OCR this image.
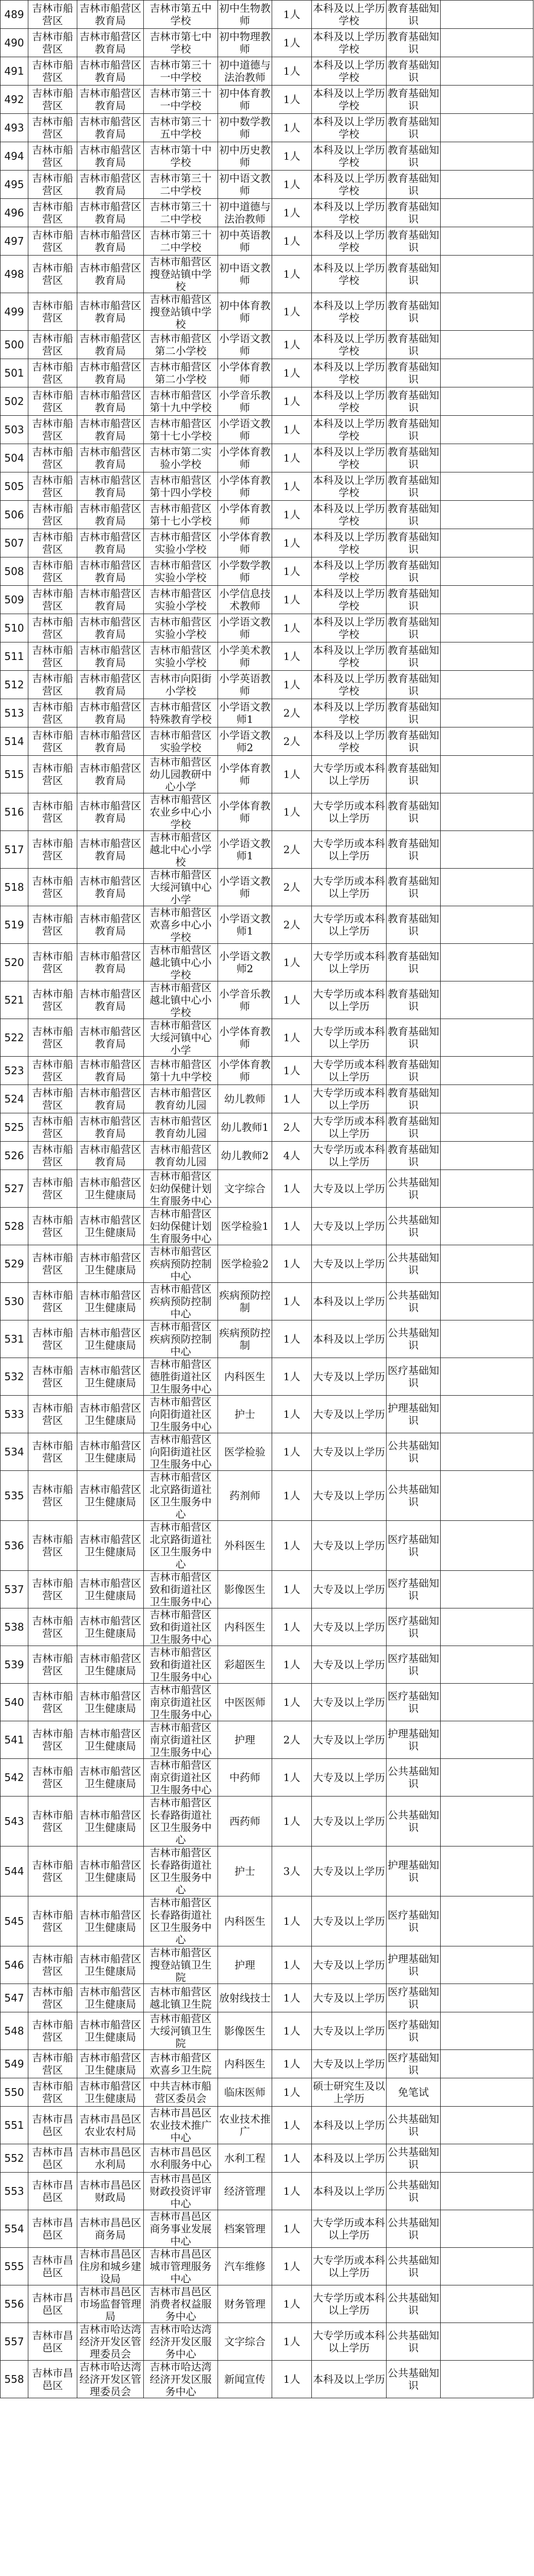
489	吉林市船营区	吉林市船营区教育局	吉林市第五中学校	初中生物教师	1人	本科及以上学历学校	教育基础知识	
490	吉林市船营区	吉林市船营区教育局	吉林市第七中学校	初中物理教师	1人	本科及以上学历学校	教育基础知识	
491	吉林市船营区	吉林市船营区教育局	吉林市第三十一中学校	初中道德与法治教师	1人	本科及以上学历学校	教育基础知识	
492	吉林市船营区	吉林市船营区教育局	吉林市第三十一中学校	初中体育教师	1人	本科及以上学历学校	教育基础知识	
493	吉林市船营区	吉林市船营区教育局	吉林市第三十五中学校	初中数学教师	1人	本科及以上学历学校	教育基础知识	
494	吉林市船营区	吉林市船营区教育局	吉林市第十中学校	初中历史教师	1人	本科及以上学历学校	教育基础知识	
495	吉林市船营区	吉林市船营区教育局	吉林市第三十二中学校	初中语文教师	1人	本科及以上学历学校	教育基础知识	
496	吉林市船营区	吉林市船营区教育局	吉林市第三十二中学校	初中道德与法治教师	1人	本科及以上学历学校	教育基础知识	
497	吉林市船营区	吉林市船营区教育局	吉林市第三十二中学校	初中英语教师	1人	本科及以上学历学校	教育基础知识	
498	吉林市船营区	吉林市船营区教育局	吉林市船营区搜登站镇中学校	初中语文教师	1人	本科及以上学历学校	教育基础知识	
499	吉林市船营区	吉林市船营区教育局	吉林市船营区搜登站镇中学校	初中体育教师	1人	本科及以上学历学校	教育基础知识	
500	吉林市船营区	吉林市船营区教育局	吉林市船营区第二小学校	小学语文教师	1人	本科及以上学历学校	教育基础知识	
501	吉林市船营区	吉林市船营区教育局	吉林市船营区第二小学校	小学体育教师	1人	本科及以上学历学校	教育基础知识	
502	吉林市船营区	吉林市船营区教育局	吉林市船营区第十九中学校	小学音乐教师	1人	本科及以上学历学校	教育基础知识	
503	吉林市船营区	吉林市船营区教育局	吉林市船营区第十七小学校	小学语文教师	1人	本科及以上学历学校	教育基础知识	
504	吉林市船营区	吉林市船营区教育局	吉林市第二实验小学校	小学体育教师	1人	本科及以上学历学校	教育基础知识	
505	吉林市船营区	吉林市船营区教育局	吉林市船营区第十四小学校	小学体育教师	1人	本科及以上学历学校	教育基础知识	
506	吉林市船营区	吉林市船营区教育局	吉林市船营区第十七小学校	小学体育教师	1人	本科及以上学历学校	教育基础知识	
507	吉林市船营区	吉林市船营区教育局	吉林市船营区实验小学校	小学体育教师	1人	本科及以上学历学校	教育基础知识	
508	吉林市船营区	吉林市船营区教育局	吉林市船营区实验小学校	小学数学教师	1人	本科及以上学历学校	教育基础知识	
509	吉林市船营区	吉林市船营区教育局	吉林市船营区实验小学校	小学信息技术教师	1人	本科及以上学历学校	教育基础知识	
510	吉林市船营区	吉林市船营区教育局	吉林市船营区实验小学校	小学语文教师	1人	本科及以上学历学校	教育基础知识	
511	吉林市船营区	吉林市船营区教育局	吉林市船营区实验小学校	小学美术教师	1人	本科及以上学历学校	教育基础知识	
512	吉林市船营区	吉林市船营区教育局	吉林市向阳街小学校	小学英语教师	1人	本科及以上学历学校	教育基础知识	
513	吉林市船营区	吉林市船营区教育局	吉林市船营区特殊教育学校	小学语文教师1	2人	本科及以上学历学校	教育基础知识	
514	吉林市船营区	吉林市船营区教育局	吉林市船营区实验学校	小学语文教师2	2人	本科及以上学历学校	教育基础知识	
515	吉林市船营区	吉林市船营区教育局	吉林市船营区幼儿园教研中心小学	小学体育教师	1人	大专学历或本科以上学历	教育基础知识	
516	吉林市船营区	吉林市船营区教育局	吉林市船营区农业乡中心小学校	小学体育教师	1人	大专学历或本科以上学历	教育基础知识	
517	吉林市船营区	吉林市船营区教育局	吉林市船营区越北中心小学校	小学语文教师1	2人	大专学历或本科以上学历	教育基础知识	
518	吉林市船营区	吉林市船营区教育局	吉林市船营区大绥河镇中心小学	小学语文教师	2人	大专学历或本科以上学历	教育基础知识	
519	吉林市船营区	吉林市船营区教育局	吉林市船营区欢喜乡中心小学校	小学语文教师1	2人	大专学历或本科以上学历	教育基础知识	
520	吉林市船营区	吉林市船营区教育局	吉林市船营区越北镇中心小学校	小学语文教师2	1人	大专学历或本科以上学历	教育基础知识	
521	吉林市船营区	吉林市船营区教育局	吉林市船营区越北镇中心小学校	小学音乐教师	1人	大专学历或本科以上学历	教育基础知识	
522	吉林市船营区	吉林市船营区教育局	吉林市船营区大绥河镇中心小学	小学体育教师	1人	大专学历或本科以上学历	教育基础知识	
523	吉林市船营区	吉林市船营区教育局	吉林市船营区第十九中学校	小学体育教师	1人	大专学历或本科以上学历	教育基础知识	
524	吉林市船营区	吉林市船营区教育局	吉林市船营区教育幼儿园	幼儿教师	1人	大专学历或本科以上学历	教育基础知识	
525	吉林市船营区	吉林市船营区教育局	吉林市船营区教育幼儿园	幼儿教师1	2人	大专学历或本科以上学历	教育基础知识	
526	吉林市船营区	吉林市船营区教育局	吉林市船营区教育幼儿园	幼儿教师2	4人	大专学历或本科以上学历	教育基础知识	
527	吉林市船营区	吉林市船营区卫生健康局	吉林市船营区妇幼保健计划生育服务中心	文字综合	1人	大专及以上学历	公共基础知识	
528	吉林市船营区	吉林市船营区卫生健康局	吉林市船营区妇幼保健计划生育服务中心	医学检验1	1人	大专及以上学历	公共基础知识	
529	吉林市船营区	吉林市船营区卫生健康局	吉林市船营区疾病预防控制中心	医学检验2	1人	大专及以上学历	公共基础知识	
530	吉林市船营区	吉林市船营区卫生健康局	吉林市船营区疾病预防控制中心	疾病预防控制	1人	本科及以上学历	公共基础知识	
531	吉林市船营区	吉林市船营区卫生健康局	吉林市船营区疾病预防控制中心	疾病预防控制	1人	本科及以上学历	公共基础知识	
532	吉林市船营区	吉林市船营区卫生健康局	吉林市船营区德胜街道社区卫生服务中心	内科医生	1人	大专及以上学历	医疗基础知识	
533	吉林市船营区	吉林市船营区卫生健康局	吉林市船营区向阳街道社区卫生服务中心	护士	1人	大专及以上学历	护理基础知识	
534	吉林市船营区	吉林市船营区卫生健康局	吉林市船营区向阳街道社区卫生服务中心	医学检验	1人	大专及以上学历	公共基础知识	
535	吉林市船营区	吉林市船营区卫生健康局	吉林市船营区北京路街道社区卫生服务中心	药剂师	1人	大专及以上学历	公共基础知识	
536	吉林市船营区	吉林市船营区卫生健康局	吉林市船营区北京路街道社区卫生服务中心	外科医生	1人	大专及以上学历	医疗基础知识	
537	吉林市船营区	吉林市船营区卫生健康局	吉林市船营区致和街道社区卫生服务中心	影像医生	1人	大专及以上学历	医疗基础知识	
538	吉林市船营区	吉林市船营区卫生健康局	吉林市船营区致和街道社区卫生服务中心	内科医生	1人	大专及以上学历	医疗基础知识	
539	吉林市船营区	吉林市船营区卫生健康局	吉林市船营区致和街道社区卫生服务中心	彩超医生	1人	大专及以上学历	医疗基础知识	
540	吉林市船营区	吉林市船营区卫生健康局	吉林市船营区南京街道社区卫生服务中心	中医医师	1人	大专及以上学历	医疗基础知识	
541	吉林市船营区	吉林市船营区卫生健康局	吉林市船营区南京街道社区卫生服务中心	护理	2人	大专及以上学历	护理基础知识	
542	吉林市船营区	吉林市船营区卫生健康局	吉林市船营区南京街道社区卫生服务中心	中药师	1人	大专及以上学历	公共基础知识	
543	吉林市船营区	吉林市船营区卫生健康局	吉林市船营区长春路街道社区卫生服务中心	西药师	1人	大专及以上学历	公共基础知识	
544	吉林市船营区	吉林市船营区卫生健康局	吉林市船营区长春路街道社区卫生服务中心	护士	3人	大专及以上学历	护理基础知识	
545	吉林市船营区	吉林市船营区卫生健康局	吉林市船营区长春路街道社区卫生服务中心	内科医生	1人	大专及以上学历	医疗基础知识	
546	吉林市船营区	吉林市船营区卫生健康局	吉林市船营区搜登站镇卫生院	护理	1人	大专及以上学历	护理基础知识	
547	吉林市船营区	吉林市船营区卫生健康局	吉林市船营区越北镇卫生院	放射线技士	1人	大专及以上学历	医疗基础知识	
548	吉林市船营区	吉林市船营区卫生健康局	吉林市船营区大绥河镇卫生院	影像医生	1人	大专及以上学历	医疗基础知识	
549	吉林市船营区	吉林市船营区卫生健康局	吉林市船营区欢喜乡卫生院	内科医生	1人	大专及以上学历	医疗基础知识	
550	吉林市船营区	吉林市船营区卫生健康局	中共吉林市船营区委员会	临床医师	1人	硕士研究生及以上学历	免笔试	
551	吉林市昌邑区	吉林市昌邑区农业农村局	吉林市昌邑区农业技术推广中心	农业技术推广	1人	本科及以上学历	公共基础知识	
552	吉林市昌邑区	吉林市昌邑区水利局	吉林市昌邑区水利服务中心	水利工程	1人	本科及以上学历	公共基础知识	
553	吉林市昌邑区	吉林市昌邑区财政局	吉林市昌邑区财政投资评审中心	经济管理	1人	本科及以上学历	公共基础知识	
554	吉林市昌邑区	吉林市昌邑区商务局	吉林市昌邑区商务事业发展中心	档案管理	1人	大专学历或本科以上学历	公共基础知识	
555	吉林市昌邑区	吉林市昌邑区住房和城乡建设局	吉林市昌邑区城市管理服务中心	汽车维修	1人	大专学历或本科以上学历	公共基础知识	
556	吉林市昌邑区	吉林市昌邑区市场监督管理局	吉林市昌邑区消费者权益服务中心	财务管理	1人	大专学历或本科以上学历	公共基础知识	
557	吉林市昌邑区	吉林市哈达湾经济开发区管理委员会	吉林市哈达湾经济开发区服务中心	文字综合	1人	大专学历或本科以上学历	公共基础知识	
558	吉林市昌邑区	吉林市哈达湾经济开发区管理委员会	吉林市哈达湾经济开发区服务中心	新闻宣传	1人	本科及以上学历	公共基础知识	
